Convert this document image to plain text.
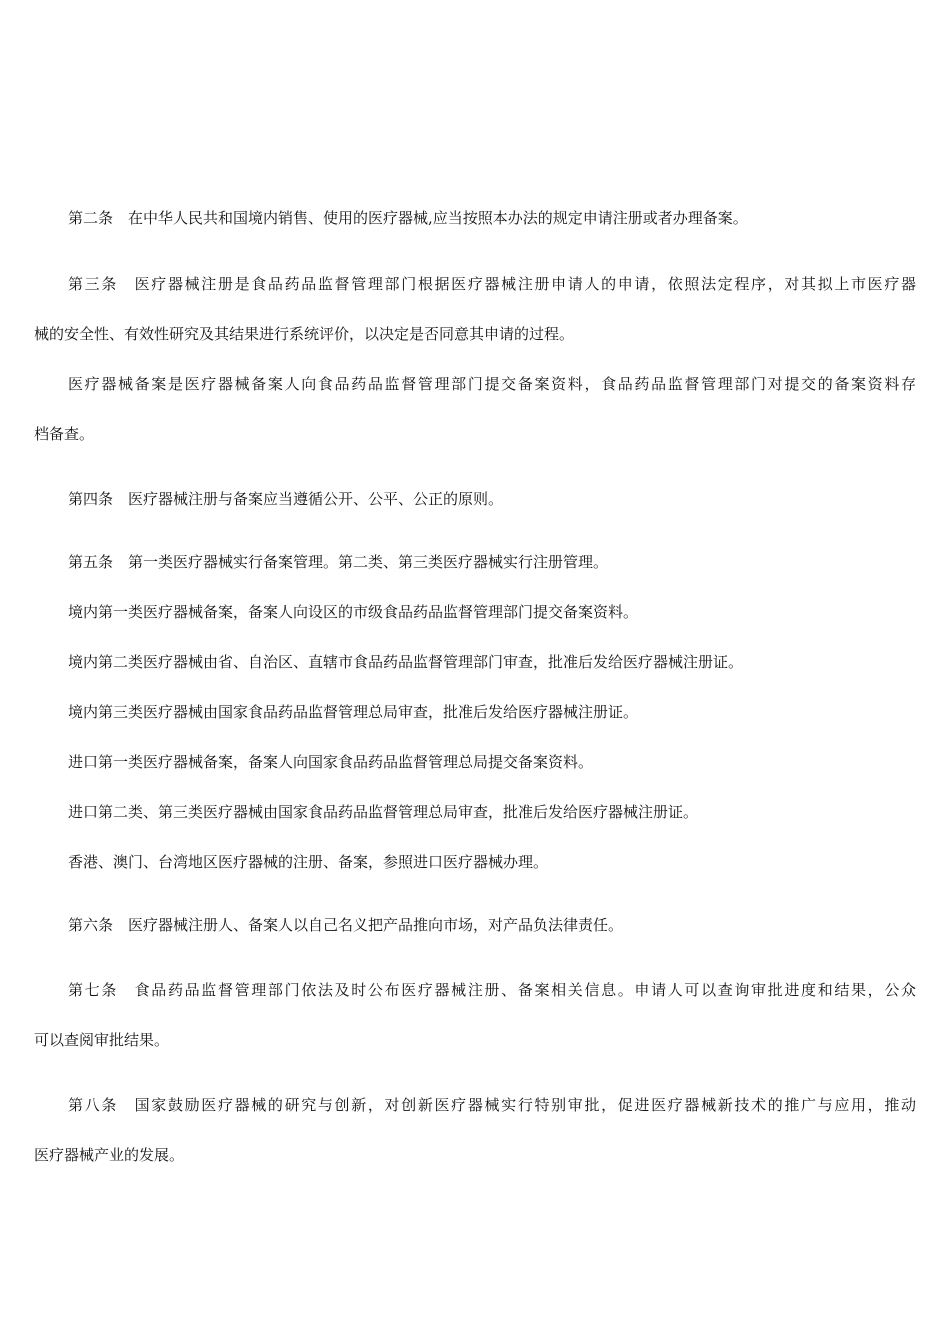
第二条　在中华人民共和国境内销售、使用的医疗器械,应当按照本办法的规定申请注册或者办理备案。
第三条　医疗器械注册是食品药品监督管理部门根据医疗器械注册申请人的申请，依照法定程序，对其拟上市医疗器
械的安全性、有效性研究及其结果进行系统评价，以决定是否同意其申请的过程。
医疗器械备案是医疗器械备案人向食品药品监督管理部门提交备案资料，食品药品监督管理部门对提交的备案资料存
档备查。
第四条　医疗器械注册与备案应当遵循公开、公平、公正的原则。
第五条　第一类医疗器械实行备案管理。第二类、第三类医疗器械实行注册管理。
境内第一类医疗器械备案，备案人向设区的市级食品药品监督管理部门提交备案资料。
境内第二类医疗器械由省、自治区、直辖市食品药品监督管理部门审查，批准后发给医疗器械注册证。
境内第三类医疗器械由国家食品药品监督管理总局审查，批准后发给医疗器械注册证。
进口第一类医疗器械备案，备案人向国家食品药品监督管理总局提交备案资料。
进口第二类、第三类医疗器械由国家食品药品监督管理总局审查，批准后发给医疗器械注册证。
香港、澳门、台湾地区医疗器械的注册、备案，参照进口医疗器械办理。
第六条　医疗器械注册人、备案人以自己名义把产品推向市场，对产品负法律责任。
第七条　食品药品监督管理部门依法及时公布医疗器械注册、备案相关信息。申请人可以查询审批进度和结果，公众
可以查阅审批结果。
第八条　国家鼓励医疗器械的研究与创新，对创新医疗器械实行特别审批，促进医疗器械新技术的推广与应用，推动
医疗器械产业的发展。
